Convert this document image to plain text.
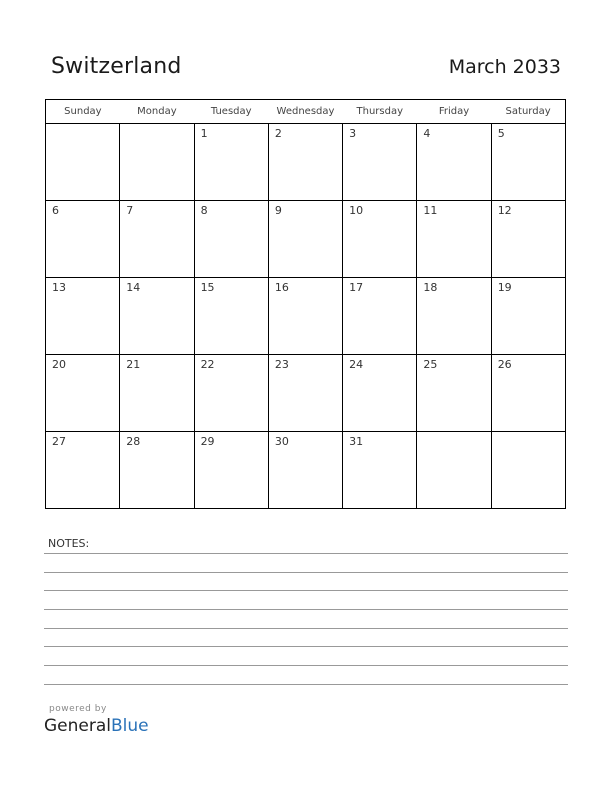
Switzerland	March 2033
Sunday	Monday	Tuesday	Wednesday	Thursday	Friday	Saturday

		1	2	3	4	5

6	7	8	9	10	11	12

13	14	15	16	17	18	19

20	21	22	23	24	25	26

27	28	29	30	31		

NOTES:
powered by
GeneralBlue
